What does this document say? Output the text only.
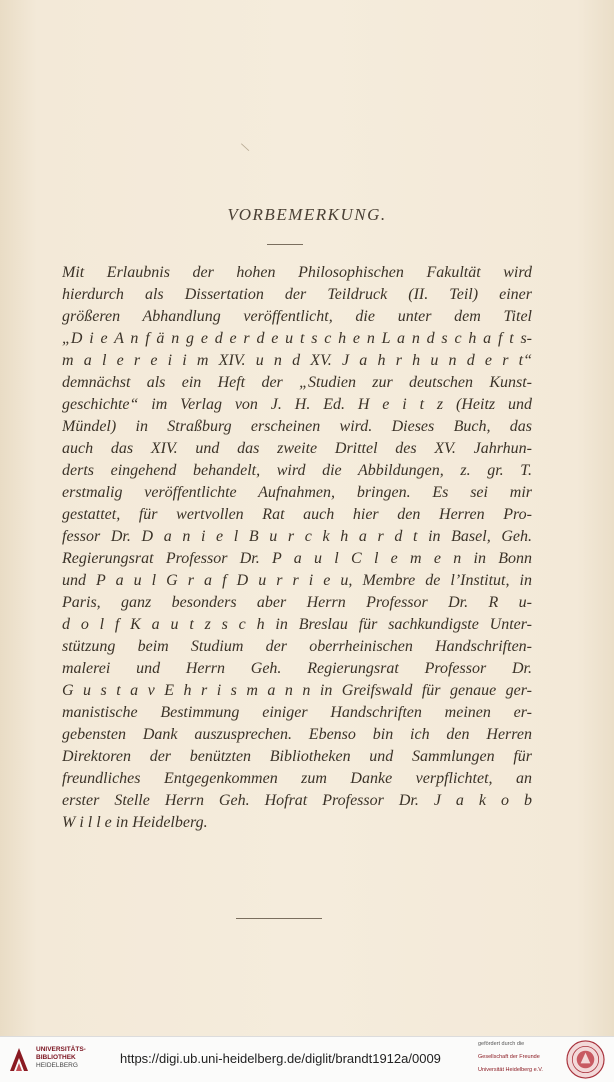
\
VORBEMERKUNG.
Mit Erlaubnis der hohen Philosophischen Fakultät wird
hierdurch als Dissertation der Teildruck (II. Teil) einer
größeren Abhandlung veröffentlicht, die unter dem Titel
„D i e A n f ä n g e d e r d e u t s c h e n L a n d s c h a f t s-
m a l e r e i i m XIV. u n d XV. J a h r h u n d e r t“
demnächst als ein Heft der „Studien zur deutschen Kunst-
geschichte“ im Verlag von J. H. Ed. H e i t z (Heitz und
Mündel) in Straßburg erscheinen wird. Dieses Buch, das
auch das XIV. und das zweite Drittel des XV. Jahrhun-
derts eingehend behandelt, wird die Abbildungen, z. gr. T.
erstmalig veröffentlichte Aufnahmen, bringen. Es sei mir
gestattet, für wertvollen Rat auch hier den Herren Pro-
fessor Dr. D a n i e l B u r c k h a r d t in Basel, Geh.
Regierungsrat Professor Dr. P a u l C l e m e n in Bonn
und P a u l G r a f D u r r i e u, Membre de l’Institut, in
Paris, ganz besonders aber Herrn Professor Dr. R u-
d o l f K a u t z s c h in Breslau für sachkundigste Unter-
stützung beim Studium der oberrheinischen Handschriften-
malerei und Herrn Geh. Regierungsrat Professor Dr.
G u s t a v E h r i s m a n n in Greifswald für genaue ger-
manistische Bestimmung einiger Handschriften meinen er-
gebensten Dank auszusprechen. Ebenso bin ich den Herren
Direktoren der benützten Bibliotheken und Sammlungen für
freundliches Entgegenkommen zum Danke verpflichtet, an
erster Stelle Herrn Geh. Hofrat Professor Dr. J a k o b
W i l l e in Heidelberg.
UNIVERSITÄTS-
BIBLIOTHEK
HEIDELBERG	https://digi.ub.uni-heidelberg.de/diglit/brandt1912a/0009
gefördert durch die
Gesellschaft der Freunde
Universität Heidelberg e.V.
